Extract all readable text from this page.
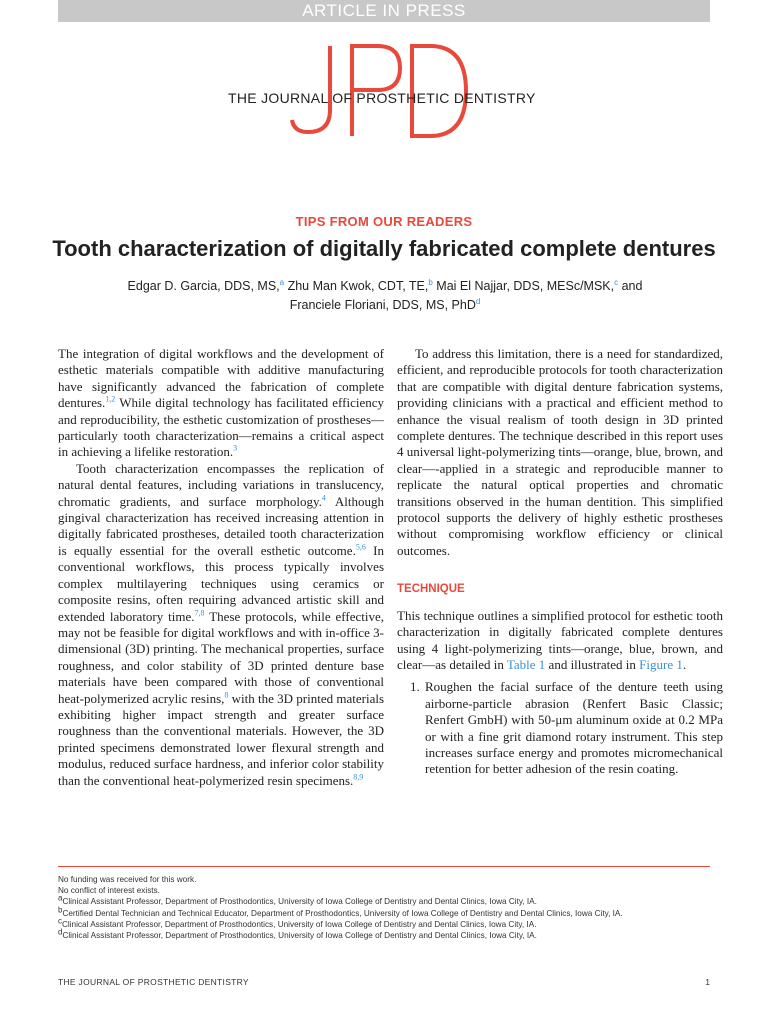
ARTICLE IN PRESS
THE JOURNAL OF PROSTHETIC DENTISTRY
TIPS FROM OUR READERS
Tooth characterization of digitally fabricated complete dentures
Edgar D. Garcia, DDS, MS,$^a$ Zhu Man Kwok, CDT, TE,$^b$ Mai El Najjar, DDS, MESc/MSK,$^c$ and
Franciele Floriani, DDS, MS, PhD$^d$

The integration of digital workflows and the development of esthetic materials compatible with additive manufacturing have significantly advanced the fabrication of complete dentures.$^{1,2}$ While digital technology has facilitated efficiency and reproducibility, the esthetic customization of prostheses—particularly tooth characterization—remains a critical aspect in achieving a lifelike restoration.$^3$

Tooth characterization encompasses the replication of natural dental features, including variations in translucency, chromatic gradients, and surface morphology.$^4$ Although gingival characterization has received increasing attention in digitally fabricated prostheses, detailed tooth characterization is equally essential for the overall esthetic outcome.$^{5,6}$ In conventional workflows, this process typically involves complex multilayering techniques using ceramics or composite resins, often requiring advanced artistic skill and extended laboratory time.$^{7,8}$ These protocols, while effective, may not be feasible for digital workflows and with in-office 3-dimensional (3D) printing. The mechanical properties, surface roughness, and color stability of 3D printed denture base materials have been compared with those of conventional heat-polymerized acrylic resins,$^8$ with the 3D printed materials exhibiting higher impact strength and greater surface roughness than the conventional materials. However, the 3D printed specimens demonstrated lower flexural strength and modulus, reduced surface hardness, and inferior color stability than the conventional heat-polymerized resin specimens.$^{8,9}$

To address this limitation, there is a need for standardized, efficient, and reproducible protocols for tooth characterization that are compatible with digital denture fabrication systems, providing clinicians with a practical and efficient method to enhance the visual realism of tooth design in 3D printed complete dentures. The technique described in this report uses 4 universal light-polymerizing tints—orange, blue, brown, and clear—-applied in a strategic and reproducible manner to replicate the natural optical properties and chromatic transitions observed in the human dentition. This simplified protocol supports the delivery of highly esthetic prostheses without compromising workflow efficiency or clinical outcomes.

TECHNIQUE

This technique outlines a simplified protocol for esthetic tooth characterization in digitally fabricated complete dentures using 4 light-polymerizing tints—orange, blue, brown, and clear—as detailed in Table 1 and illustrated in Figure 1.

1. Roughen the facial surface of the denture teeth using airborne-particle abrasion (Renfert Basic Classic; Renfert GmbH) with 50-μm aluminum oxide at 0.2 MPa or with a fine grit diamond rotary instrument. This step increases surface energy and promotes micromechanical retention for better adhesion of the resin coating.
No funding was received for this work.
No conflict of interest exists.
$^a$Clinical Assistant Professor, Department of Prosthodontics, University of Iowa College of Dentistry and Dental Clinics, Iowa City, IA.
$^b$Certified Dental Technician and Technical Educator, Department of Prosthodontics, University of Iowa College of Dentistry and Dental Clinics, Iowa City, IA.
$^c$Clinical Assistant Professor, Department of Prosthodontics, University of Iowa College of Dentistry and Dental Clinics, Iowa City, IA.
$^d$Clinical Assistant Professor, Department of Prosthodontics, University of Iowa College of Dentistry and Dental Clinics, Iowa City, IA.
THE JOURNAL OF PROSTHETIC DENTISTRY	1
